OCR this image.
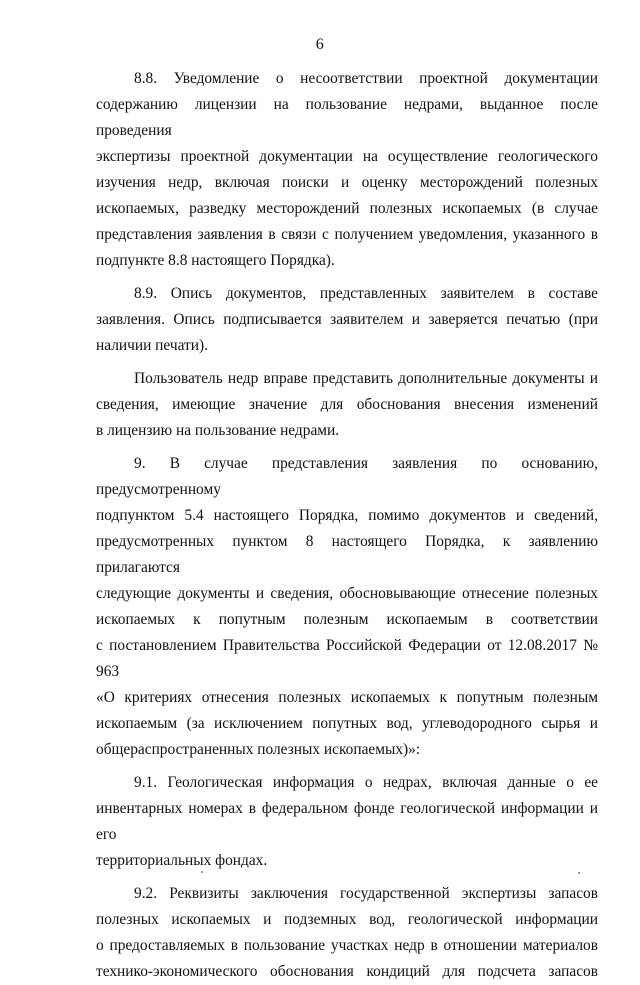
6

8.8. Уведомление о несоответствии проектной документации
содержанию лицензии на пользование недрами, выданное после проведения
экспертизы проектной документации на осуществление геологического
изучения недр, включая поиски и оценку месторождений полезных
ископаемых, разведку месторождений полезных ископаемых (в случае
представления заявления в связи с получением уведомления, указанного в
подпункте 8.8 настоящего Порядка).

8.9. Опись документов, представленных заявителем в составе
заявления. Опись подписывается заявителем и заверяется печатью (при
наличии печати).

Пользователь недр вправе представить дополнительные документы и
сведения, имеющие значение для обоснования внесения изменений
в лицензию на пользование недрами.

9. В случае представления заявления по основанию, предусмотренному
подпунктом 5.4 настоящего Порядка, помимо документов и сведений,
предусмотренных пунктом 8 настоящего Порядка, к заявлению прилагаются
следующие документы и сведения, обосновывающие отнесение полезных
ископаемых к попутным полезным ископаемым в соответствии
с постановлением Правительства Российской Федерации от 12.08.2017 № 963
«О критериях отнесения полезных ископаемых к попутным полезным
ископаемым (за исключением попутных вод, углеводородного сырья и
общераспространенных полезных ископаемых)»:

9.1. Геологическая информация о недрах, включая данные о ее
инвентарных номерах в федеральном фонде геологической информации и его
территориальных фондах.

9.2. Реквизиты заключения государственной экспертизы запасов
полезных ископаемых и подземных вод, геологической информации
о предоставляемых в пользование участках недр в отношении материалов
технико-экономического обоснования кондиций для подсчета запасов
